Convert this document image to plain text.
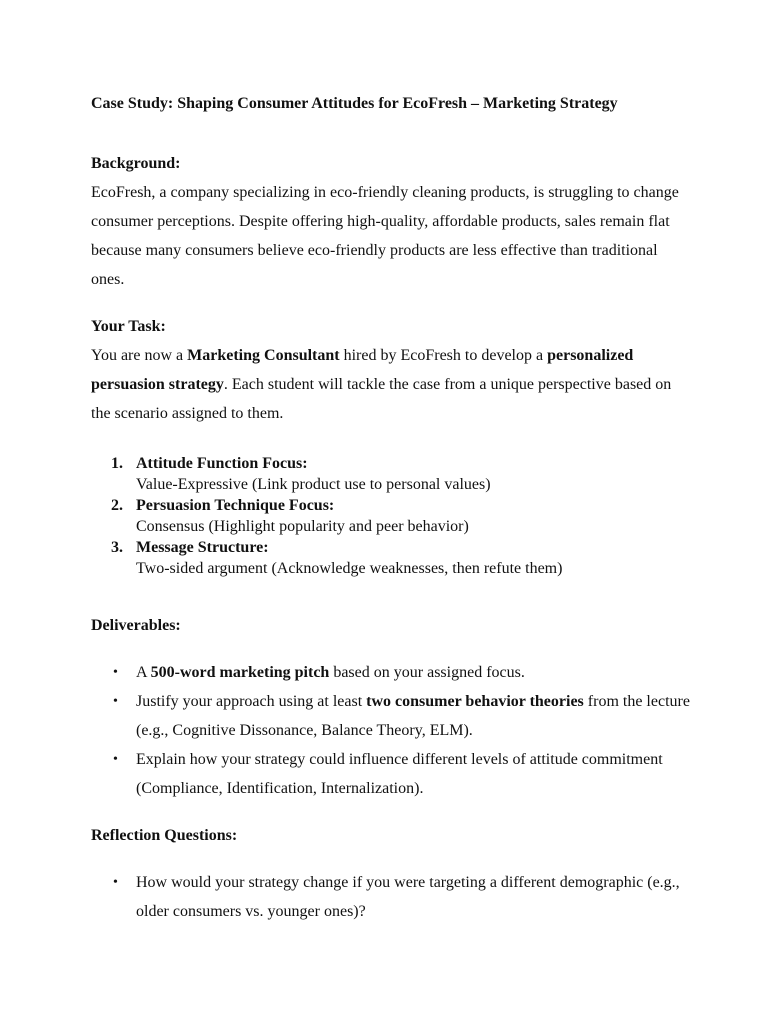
Case Study: Shaping Consumer Attitudes for EcoFresh – Marketing Strategy

Background:

EcoFresh, a company specializing in eco-friendly cleaning products, is struggling to change consumer perceptions. Despite offering high-quality, affordable products, sales remain flat because many consumers believe eco-friendly products are less effective than traditional ones.

Your Task:

You are now a Marketing Consultant hired by EcoFresh to develop a personalized persuasion strategy. Each student will tackle the case from a unique perspective based on the scenario assigned to them.

1. Attitude Function Focus:
Value-Expressive (Link product use to personal values)
2. Persuasion Technique Focus:
Consensus (Highlight popularity and peer behavior)
3. Message Structure:
Two-sided argument (Acknowledge weaknesses, then refute them)

Deliverables:

• A 500-word marketing pitch based on your assigned focus.
• Justify your approach using at least two consumer behavior theories from the lecture (e.g., Cognitive Dissonance, Balance Theory, ELM).
• Explain how your strategy could influence different levels of attitude commitment (Compliance, Identification, Internalization).

Reflection Questions:

• How would your strategy change if you were targeting a different demographic (e.g., older consumers vs. younger ones)?
